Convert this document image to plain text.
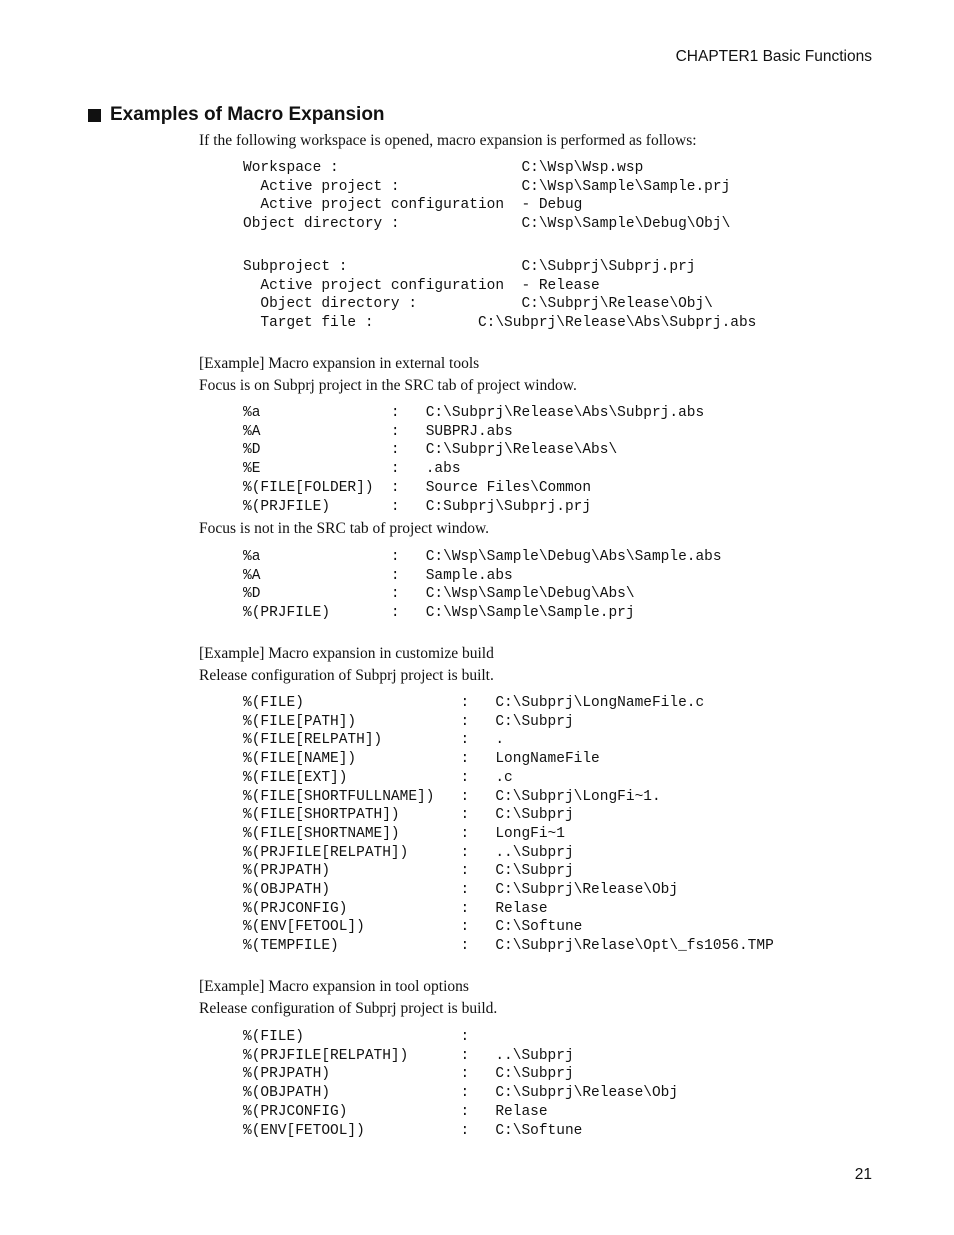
CHAPTER1 Basic Functions
Examples of Macro Expansion
If the following workspace is opened, macro expansion is performed as follows:
Workspace :                     C:\Wsp\Wsp.wsp
Active project :              C:\Wsp\Sample\Sample.prj
Active project configuration  - Debug
Object directory :              C:\Wsp\Sample\Debug\Obj\
Subproject :                    C:\Subprj\Subprj.prj
Active project configuration  - Release
Object directory :            C:\Subprj\Release\Obj\
Target file :            C:\Subprj\Release\Abs\Subprj.abs
[Example] Macro expansion in external tools
Focus is on Subprj project in the SRC tab of project window.
%a               :   C:\Subprj\Release\Abs\Subprj.abs
%A               :   SUBPRJ.abs
%D               :   C:\Subprj\Release\Abs\
%E               :   .abs
%(FILE[FOLDER])  :   Source Files\Common
%(PRJFILE)       :   C:Subprj\Subprj.prj
Focus is not in the SRC tab of project window.
%a               :   C:\Wsp\Sample\Debug\Abs\Sample.abs
%A               :   Sample.abs
%D               :   C:\Wsp\Sample\Debug\Abs\
%(PRJFILE)       :   C:\Wsp\Sample\Sample.prj
[Example] Macro expansion in customize build
Release configuration of Subprj project is built.
%(FILE)                  :   C:\Subprj\LongNameFile.c
%(FILE[PATH])            :   C:\Subprj
%(FILE[RELPATH])         :   .
%(FILE[NAME])            :   LongNameFile
%(FILE[EXT])             :   .c
%(FILE[SHORTFULLNAME])   :   C:\Subprj\LongFi~1.
%(FILE[SHORTPATH])       :   C:\Subprj
%(FILE[SHORTNAME])       :   LongFi~1
%(PRJFILE[RELPATH])      :   ..\Subprj
%(PRJPATH)               :   C:\Subprj
%(OBJPATH)               :   C:\Subprj\Release\Obj
%(PRJCONFIG)             :   Relase
%(ENV[FETOOL])           :   C:\Softune
%(TEMPFILE)              :   C:\Subprj\Relase\Opt\_fs1056.TMP
[Example] Macro expansion in tool options
Release configuration of Subprj project is build.
%(FILE)                  :
%(PRJFILE[RELPATH])      :   ..\Subprj
%(PRJPATH)               :   C:\Subprj
%(OBJPATH)               :   C:\Subprj\Release\Obj
%(PRJCONFIG)             :   Relase
%(ENV[FETOOL])           :   C:\Softune
21
